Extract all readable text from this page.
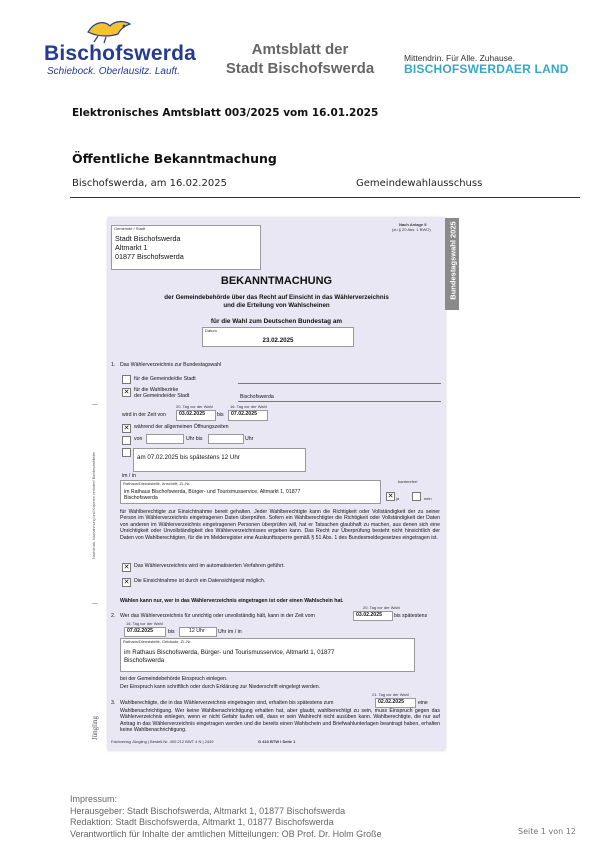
Bischofswerda
Schiebock. Oberlausitz. Lauft.
Amtsblatt der
Stadt Bischofswerda
Mittendrin. Für Alle. Zuhause.
BISCHOFSWERDAER LAND
Elektronisches Amtsblatt 003/2025 vom 16.01.2025
Öffentliche Bekanntmachung
Bischofswerda, am 16.02.2025	Gemeindewahlausschuss
Bundestagswahl 2025
Nach Anlage 5
(zu § 20 Abs. 1 BWO)
Gemeinde / Stadt
Stadt Bischofswerda
Altmarkt 1
01877 Bischofswerda
BEKANNTMACHUNG
der Gemeindebehörde über das Recht auf Einsicht in das Wählerverzeichnis
und die Erteilung von Wahlscheinen
für die Wahl zum Deutschen Bundestag am
Datum
23.02.2025
1. Das Wählerverzeichnis zur Bundestagswahl
für die Gemeinde/die Stadt
✕ für die Wahlbezirke
der Gemeinde/der Stadt	Bischofswerda
20. Tag vor der Wahl	16. Tag vor der Wahl
wird in der Zeit von	03.02.2025 bis 07.02.2025
✕ während der allgemeinen Öffnungszeiten
von	Uhr bis	Uhr
am 07.02.2025 bis spätestens 12 Uhr
im / in
Rathaus/Dienststelle, Anschrift, Zi.-Nr.
im Rathaus Bischofswerda, Bürger- und Tourismusservice, Altmarkt 1, 01877
Bischofswerda
barrierefrei
✕ ja	nein
für Wahlberechtigte zur Einsichtnahme bereit gehalten. Jeder Wahlberechtigte kann die Richtigkeit oder Vollständigkeit der zu seiner Person im Wählerverzeichnis eingetragenen Daten überprüfen. Sofern ein Wahlberechtigter die Richtigkeit oder Vollständigkeit der Daten von anderen im Wählerverzeichnis eingetragenen Personen überprüfen will, hat er Tatsachen glaubhaft zu machen, aus denen sich eine Unrichtigkeit oder Unvollständigkeit des Wählerverzeichnisses ergeben kann. Das Recht zur Überprüfung besteht nicht hinsichtlich der Daten von Wahlberechtigten, für die im Melderegister eine Auskunftssperre gemäß § 51 Abs. 1 des Bundesmeldegesetzes eingetragen ist.
✕ Das Wählerverzeichnis wird im automatisierten Verfahren geführt.
✕ Die Einsichtnahme ist durch ein Datensichtgerät möglich.
Wählen kann nur, wer in das Wählerverzeichnis eingetragen ist oder einen Wahlschein hat.
20. Tag vor der Wahl
2. Wer das Wählerverzeichnis für unrichtig oder unvollständig hält, kann in der Zeit vom	03.02.2025 bis spätestens
16. Tag vor der Wahl
07.02.2025	bis	12 Uhr	Uhr im / in
Rathaus/Dienststelle, Gebäude, Zi.-Nr.
im Rathaus Bischofswerda, Bürger- und Tourismusservice, Altmarkt 1, 01877
Bischofswerda
bei der Gemeindebehörde Einspruch einlegen.
Der Einspruch kann schriftlich oder durch Erklärung zur Niederschrift eingelegt werden.
21. Tag vor der Wahl
3. Wahlberechtigte, die in das Wählerverzeichnis eingetragen sind, erhalten bis spätestens zum	02.02.2025	eine
Wahlbenachrichtigung. Wer keine Wahlbenachrichtigung erhalten hat, aber glaubt, wahlberechtigt zu sein, muss Einspruch gegen das Wählerverzeichnis einlegen, wenn er nicht Gefahr laufen will, dass er sein Wahlrecht nicht ausüben kann. Wahlberechtigte, die nur auf Antrag in das Wählerverzeichnis eingetragen werden und die bereits einen Wahlschein und Briefwahlunterlagen beantragt haben, erhalten keine Wahlbenachrichtigung.
Fachverlag Jüngling | Bestell-Nr. 400 212 BWT 4 N | 2449	G 410 BTW I Seite 1
Nachdruck, Nachahmung und Kopieren verboten! Bundeswahlleiter
Jüngling
Impressum:
Herausgeber: Stadt Bischofswerda, Altmarkt 1, 01877 Bischofswerda
Redaktion: Stadt Bischofswerda, Altmarkt 1, 01877 Bischofswerda
Verantwortlich für Inhalte der amtlichen Mitteilungen: OB Prof. Dr. Holm Große	Seite 1 von 12
